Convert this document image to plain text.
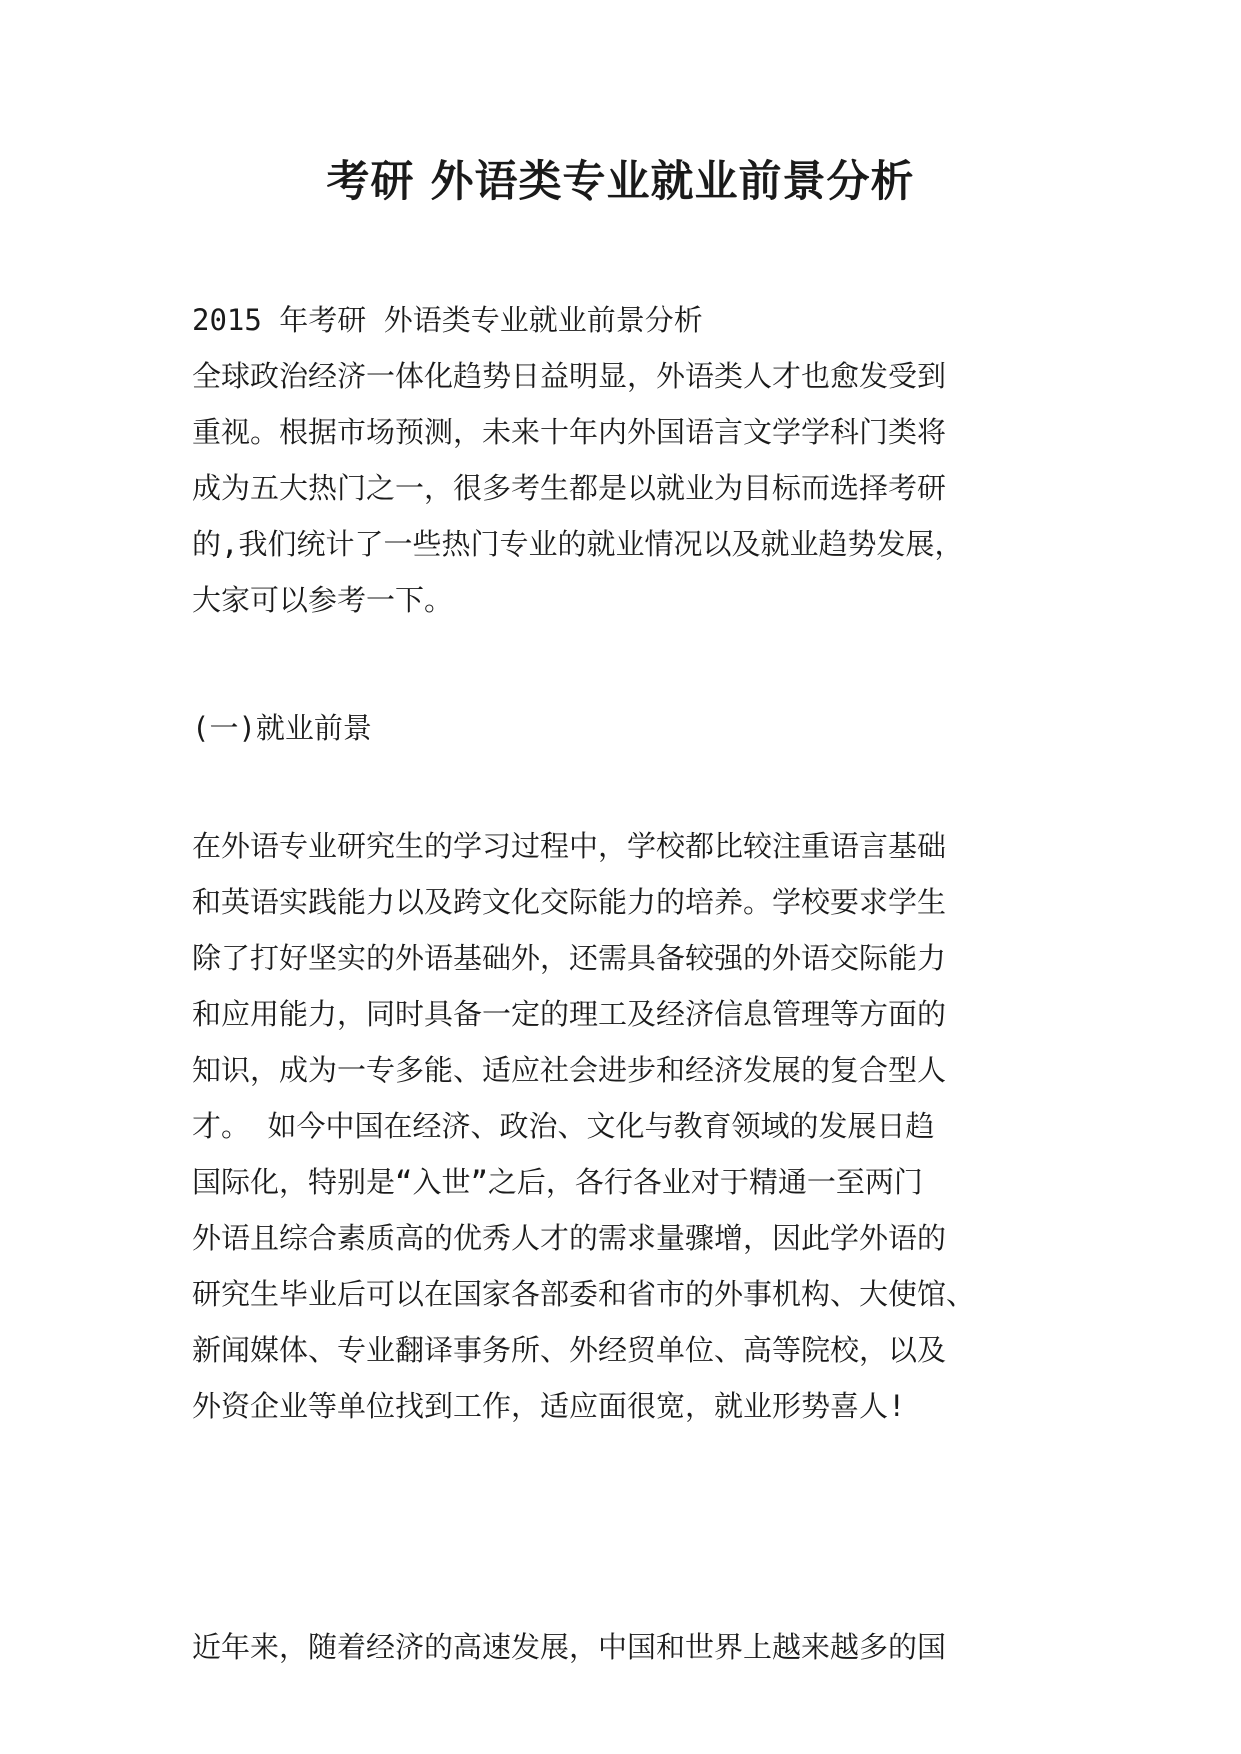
考研 外语类专业就业前景分析
2015 年考研 外语类专业就业前景分析
全球政治经济一体化趋势日益明显，外语类人才也愈发受到
重视。根据市场预测，未来十年内外国语言文学学科门类将
成为五大热门之一，很多考生都是以就业为目标而选择考研
的,我们统计了一些热门专业的就业情况以及就业趋势发展，
大家可以参考一下。
(一)就业前景
在外语专业研究生的学习过程中，学校都比较注重语言基础
和英语实践能力以及跨文化交际能力的培养。学校要求学生
除了打好坚实的外语基础外，还需具备较强的外语交际能力
和应用能力，同时具备一定的理工及经济信息管理等方面的
知识，成为一专多能、适应社会进步和经济发展的复合型人
才。 如今中国在经济、政治、文化与教育领域的发展日趋
国际化，特别是“入世”之后，各行各业对于精通一至两门
外语且综合素质高的优秀人才的需求量骤增，因此学外语的
研究生毕业后可以在国家各部委和省市的外事机构、大使馆、
新闻媒体、专业翻译事务所、外经贸单位、高等院校，以及
外资企业等单位找到工作，适应面很宽，就业形势喜人!
近年来，随着经济的高速发展，中国和世界上越来越多的国
